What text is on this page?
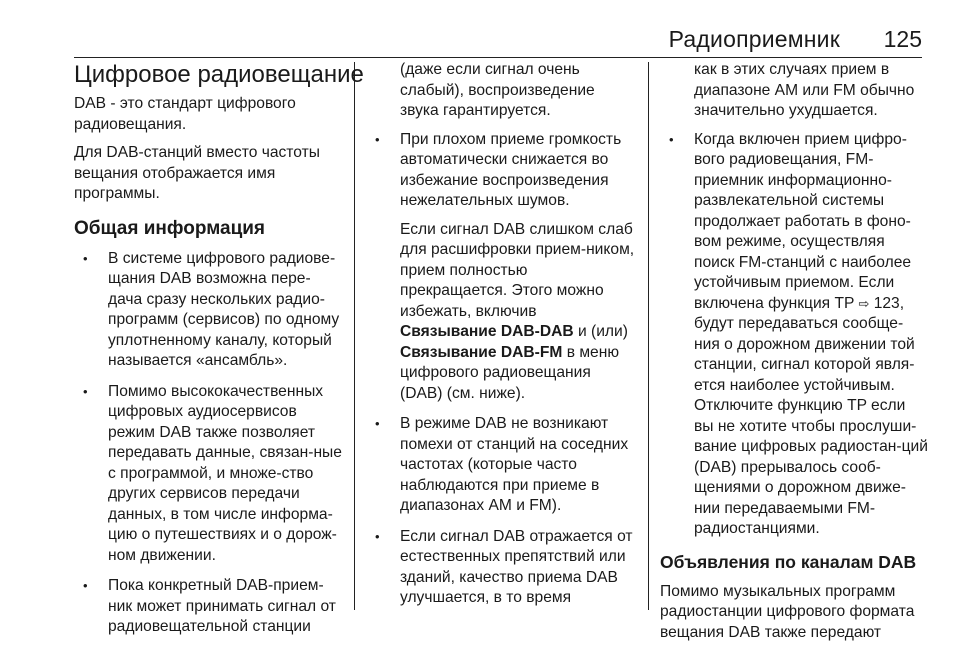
Радиоприемник 125
Цифровое радиовещание

DAB - это стандарт цифрового радиовещания.

Для DAB-станций вместо частоты вещания отображается имя программы.

Общая информация
• В системе цифрового радиове-щания DAB возможна пере-дача сразу нескольких радио-программ (сервисов) по одному уплотненному каналу, который называется «ансамбль».
• Помимо высококачественных цифровых аудиосервисов режим DAB также позволяет передавать данные, связан-ные с программой, и множе-ство других сервисов передачи данных, в том числе информа-цию о путешествиях и о дорож-ном движении.
• Пока конкретный DAB-прием-ник может принимать сигнал от радиовещательной станции

(даже если сигнал очень слабый), воспроизведение звука гарантируется.

• При плохом приеме громкость автоматически снижается во избежание воспроизведения нежелательных шумов.

Если сигнал DAB слишком слаб для расшифровки прием-ником, прием полностью прекращается. Этого можно избежать, включив
Связывание DAB-DAB и (или)
Связывание DAB-FM в меню цифрового радиовещания (DAB) (см. ниже).

• В режиме DAB не возникают помехи от станций на соседних частотах (которые часто наблюдаются при приеме в диапазонах AM и FM).
• Если сигнал DAB отражается от естественных препятствий или зданий, качество приема DAB улучшается, в то время

как в этих случаях прием в диапазоне AM или FM обычно значительно ухудшается.

• Когда включен прием цифро-вого радиовещания, FM-приемник информационно-развлекательной системы продолжает работать в фоно-вом режиме, осуществляя поиск FM-станций с наиболее устойчивым приемом. Если включена функция TP ⇨ 123, будут передаваться сообще-ния о дорожном движении той станции, сигнал которой явля-ется наиболее устойчивым. Отключите функцию TP если вы не хотите чтобы прослуши-вание цифровых радиостан-ций (DAB) прерывалось сооб-щениями о дорожном движе-нии передаваемыми FM-радиостанциями.
Объявления по каналам DAB

Помимо музыкальных программ радиостанции цифрового формата вещания DAB также передают
